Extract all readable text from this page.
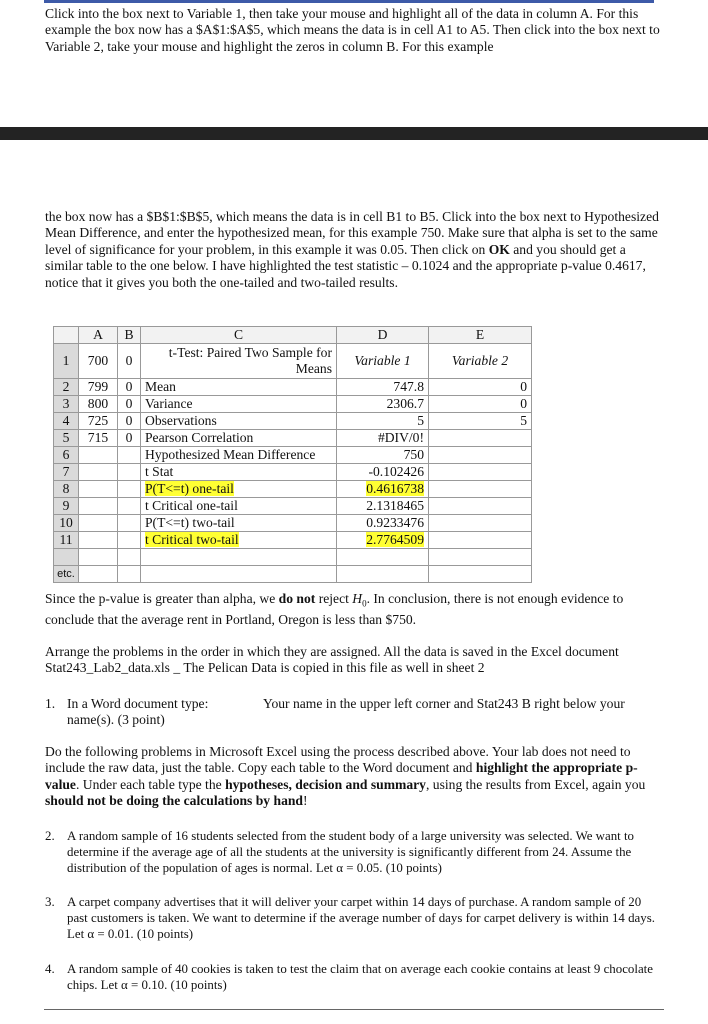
Click into the box next to Variable 1, then take your mouse and highlight all of the data in column A. For this example the box now has a $A$1:$A$5, which means the data is in cell A1 to A5. Then click into the box next to Variable 2, take your mouse and highlight the zeros in column B. For this example

the box now has a $B$1:$B$5, which means the data is in cell B1 to B5. Click into the box next to Hypothesized Mean Difference, and enter the hypothesized mean, for this example 750. Make sure that alpha is set to the same level of significance for your problem, in this example it was 0.05. Then click on OK and you should get a similar table to the one below. I have highlighted the test statistic – 0.1024 and the appropriate p-value 0.4617, notice that it gives you both the one-tailed and two-tailed results.

	A	B	C	D	E
1	700	0	t-Test: Paired Two Sample for Means	Variable 1	Variable 2
2	799	0	Mean	747.8	0
3	800	0	Variance	2306.7	0
4	725	0	Observations	5	5
5	715	0	Pearson Correlation	#DIV/0!	
6			Hypothesized Mean Difference	750	
7			t Stat	-0.102426	
8			P(T<=t) one-tail	0.4616738	
9			t Critical one-tail	2.1318465	
10			P(T<=t) two-tail	0.9233476	
11			t Critical two-tail	2.7764509	

etc.					

Since the p-value is greater than alpha, we do not reject $H_0$. In conclusion, there is not enough evidence to conclude that the average rent in Portland, Oregon is less than $750.

Arrange the problems in the order in which they are assigned. All the data is saved in the Excel document Stat243_Lab2_data.xls _ The Pelican Data is copied in this file as well in sheet 2

1. In a Word document type:	Your name in the upper left corner and Stat243 B right below your name(s). (3 point)

Do the following problems in Microsoft Excel using the process described above. Your lab does not need to include the raw data, just the table. Copy each table to the Word document and highlight the appropriate p-value. Under each table type the hypotheses, decision and summary, using the results from Excel, again you should not be doing the calculations by hand!

2. A random sample of 16 students selected from the student body of a large university was selected. We want to determine if the average age of all the students at the university is significantly different from 24. Assume the distribution of the population of ages is normal. Let α = 0.05. (10 points)
3. A carpet company advertises that it will deliver your carpet within 14 days of purchase. A random sample of 20 past customers is taken. We want to determine if the average number of days for carpet delivery is within 14 days. Let α = 0.01. (10 points)
4. A random sample of 40 cookies is taken to test the claim that on average each cookie contains at least 9 chocolate chips. Let α = 0.10. (10 points)
